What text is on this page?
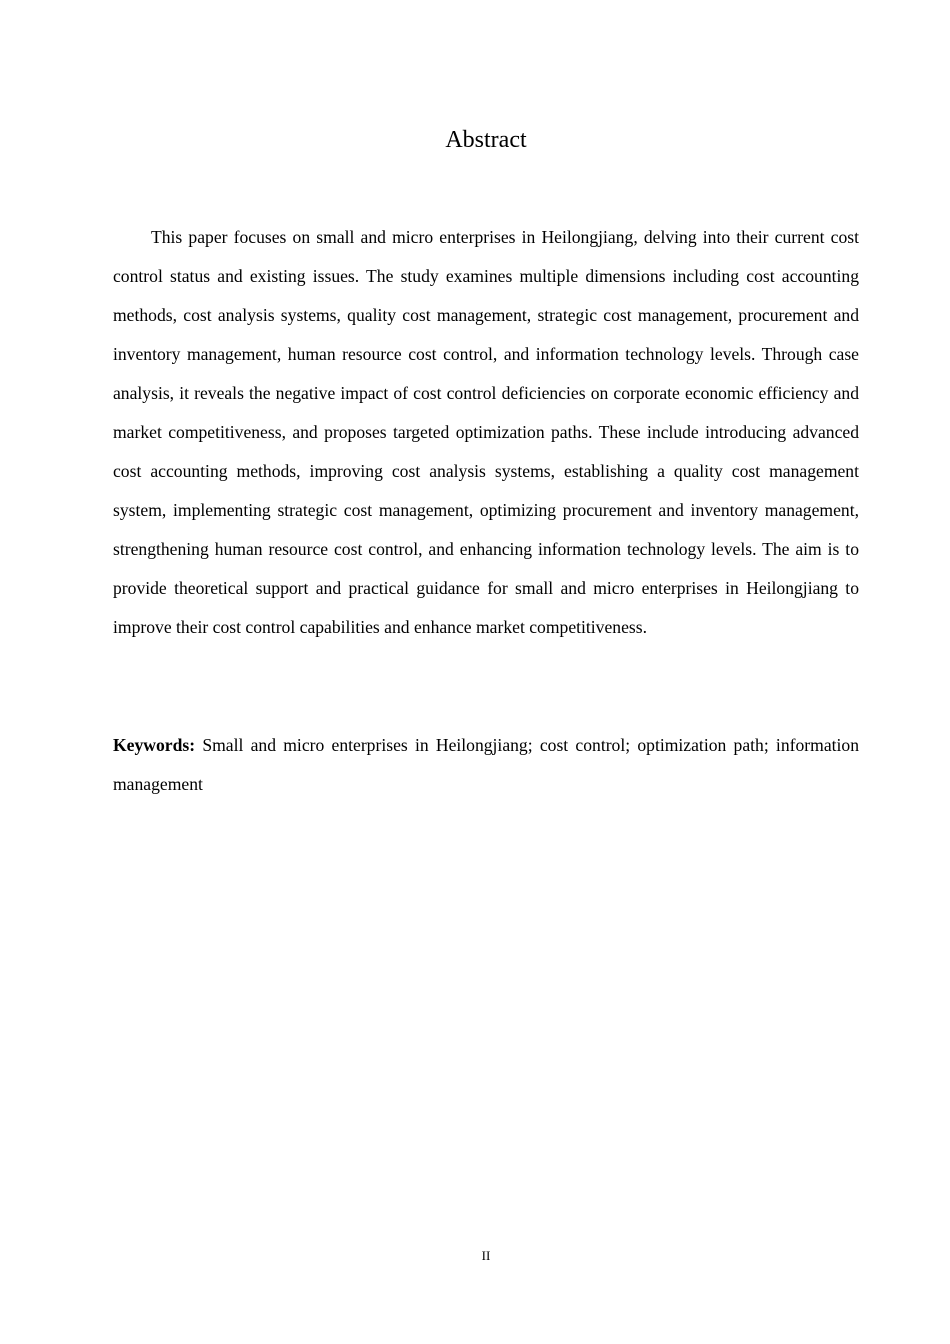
Abstract

This paper focuses on small and micro enterprises in Heilongjiang, delving into their current cost control status and existing issues. The study examines multiple dimensions including cost accounting methods, cost analysis systems, quality cost management, strategic cost management, procurement and inventory management, human resource cost control, and information technology levels. Through case analysis, it reveals the negative impact of cost control deficiencies on corporate economic efficiency and market competitiveness, and proposes targeted optimization paths. These include introducing advanced cost accounting methods, improving cost analysis systems, establishing a quality cost management system, implementing strategic cost management, optimizing procurement and inventory management, strengthening human resource cost control, and enhancing information technology levels. The aim is to provide theoretical support and practical guidance for small and micro enterprises in Heilongjiang to improve their cost control capabilities and enhance market competitiveness.

Keywords: Small and micro enterprises in Heilongjiang; cost control; optimization path; information management

II
